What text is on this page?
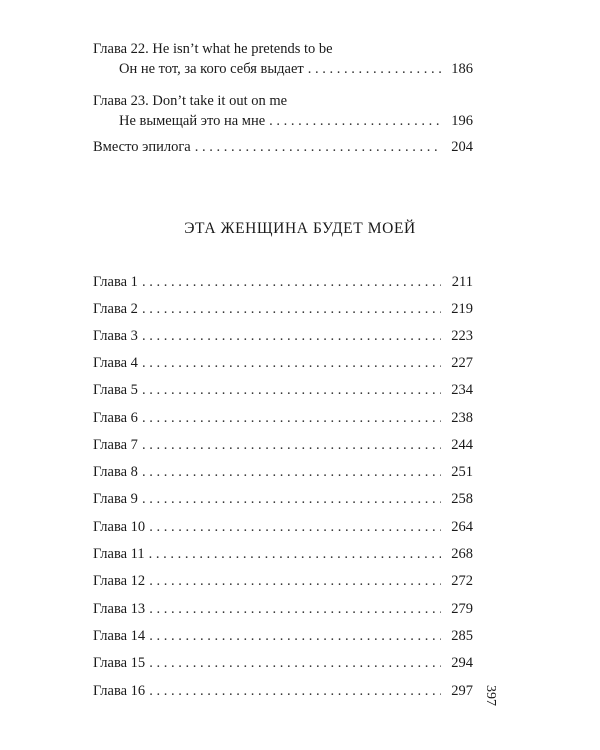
Глава 22. He isn’t what he pretends to be
Он не тот, за кого себя выдает . . .	186
Глава 23. Don’t take it out on me
Не вымещай это на мне . . .	196
Вместо эпилога . . .	204
ЭТА ЖЕНЩИНА БУДЕТ МОЕЙ
Глава 1 . . .	211
Глава 2 . . .	219
Глава 3 . . .	223
Глава 4 . . .	227
Глава 5 . . .	234
Глава 6 . . .	238
Глава 7 . . .	244
Глава 8 . . .	251
Глава 9 . . .	258
Глава 10 . . .	264
Глава 11 . . .	268
Глава 12 . . .	272
Глава 13 . . .	279
Глава 14 . . .	285
Глава 15 . . .	294
Глава 16 . . .	297 397
